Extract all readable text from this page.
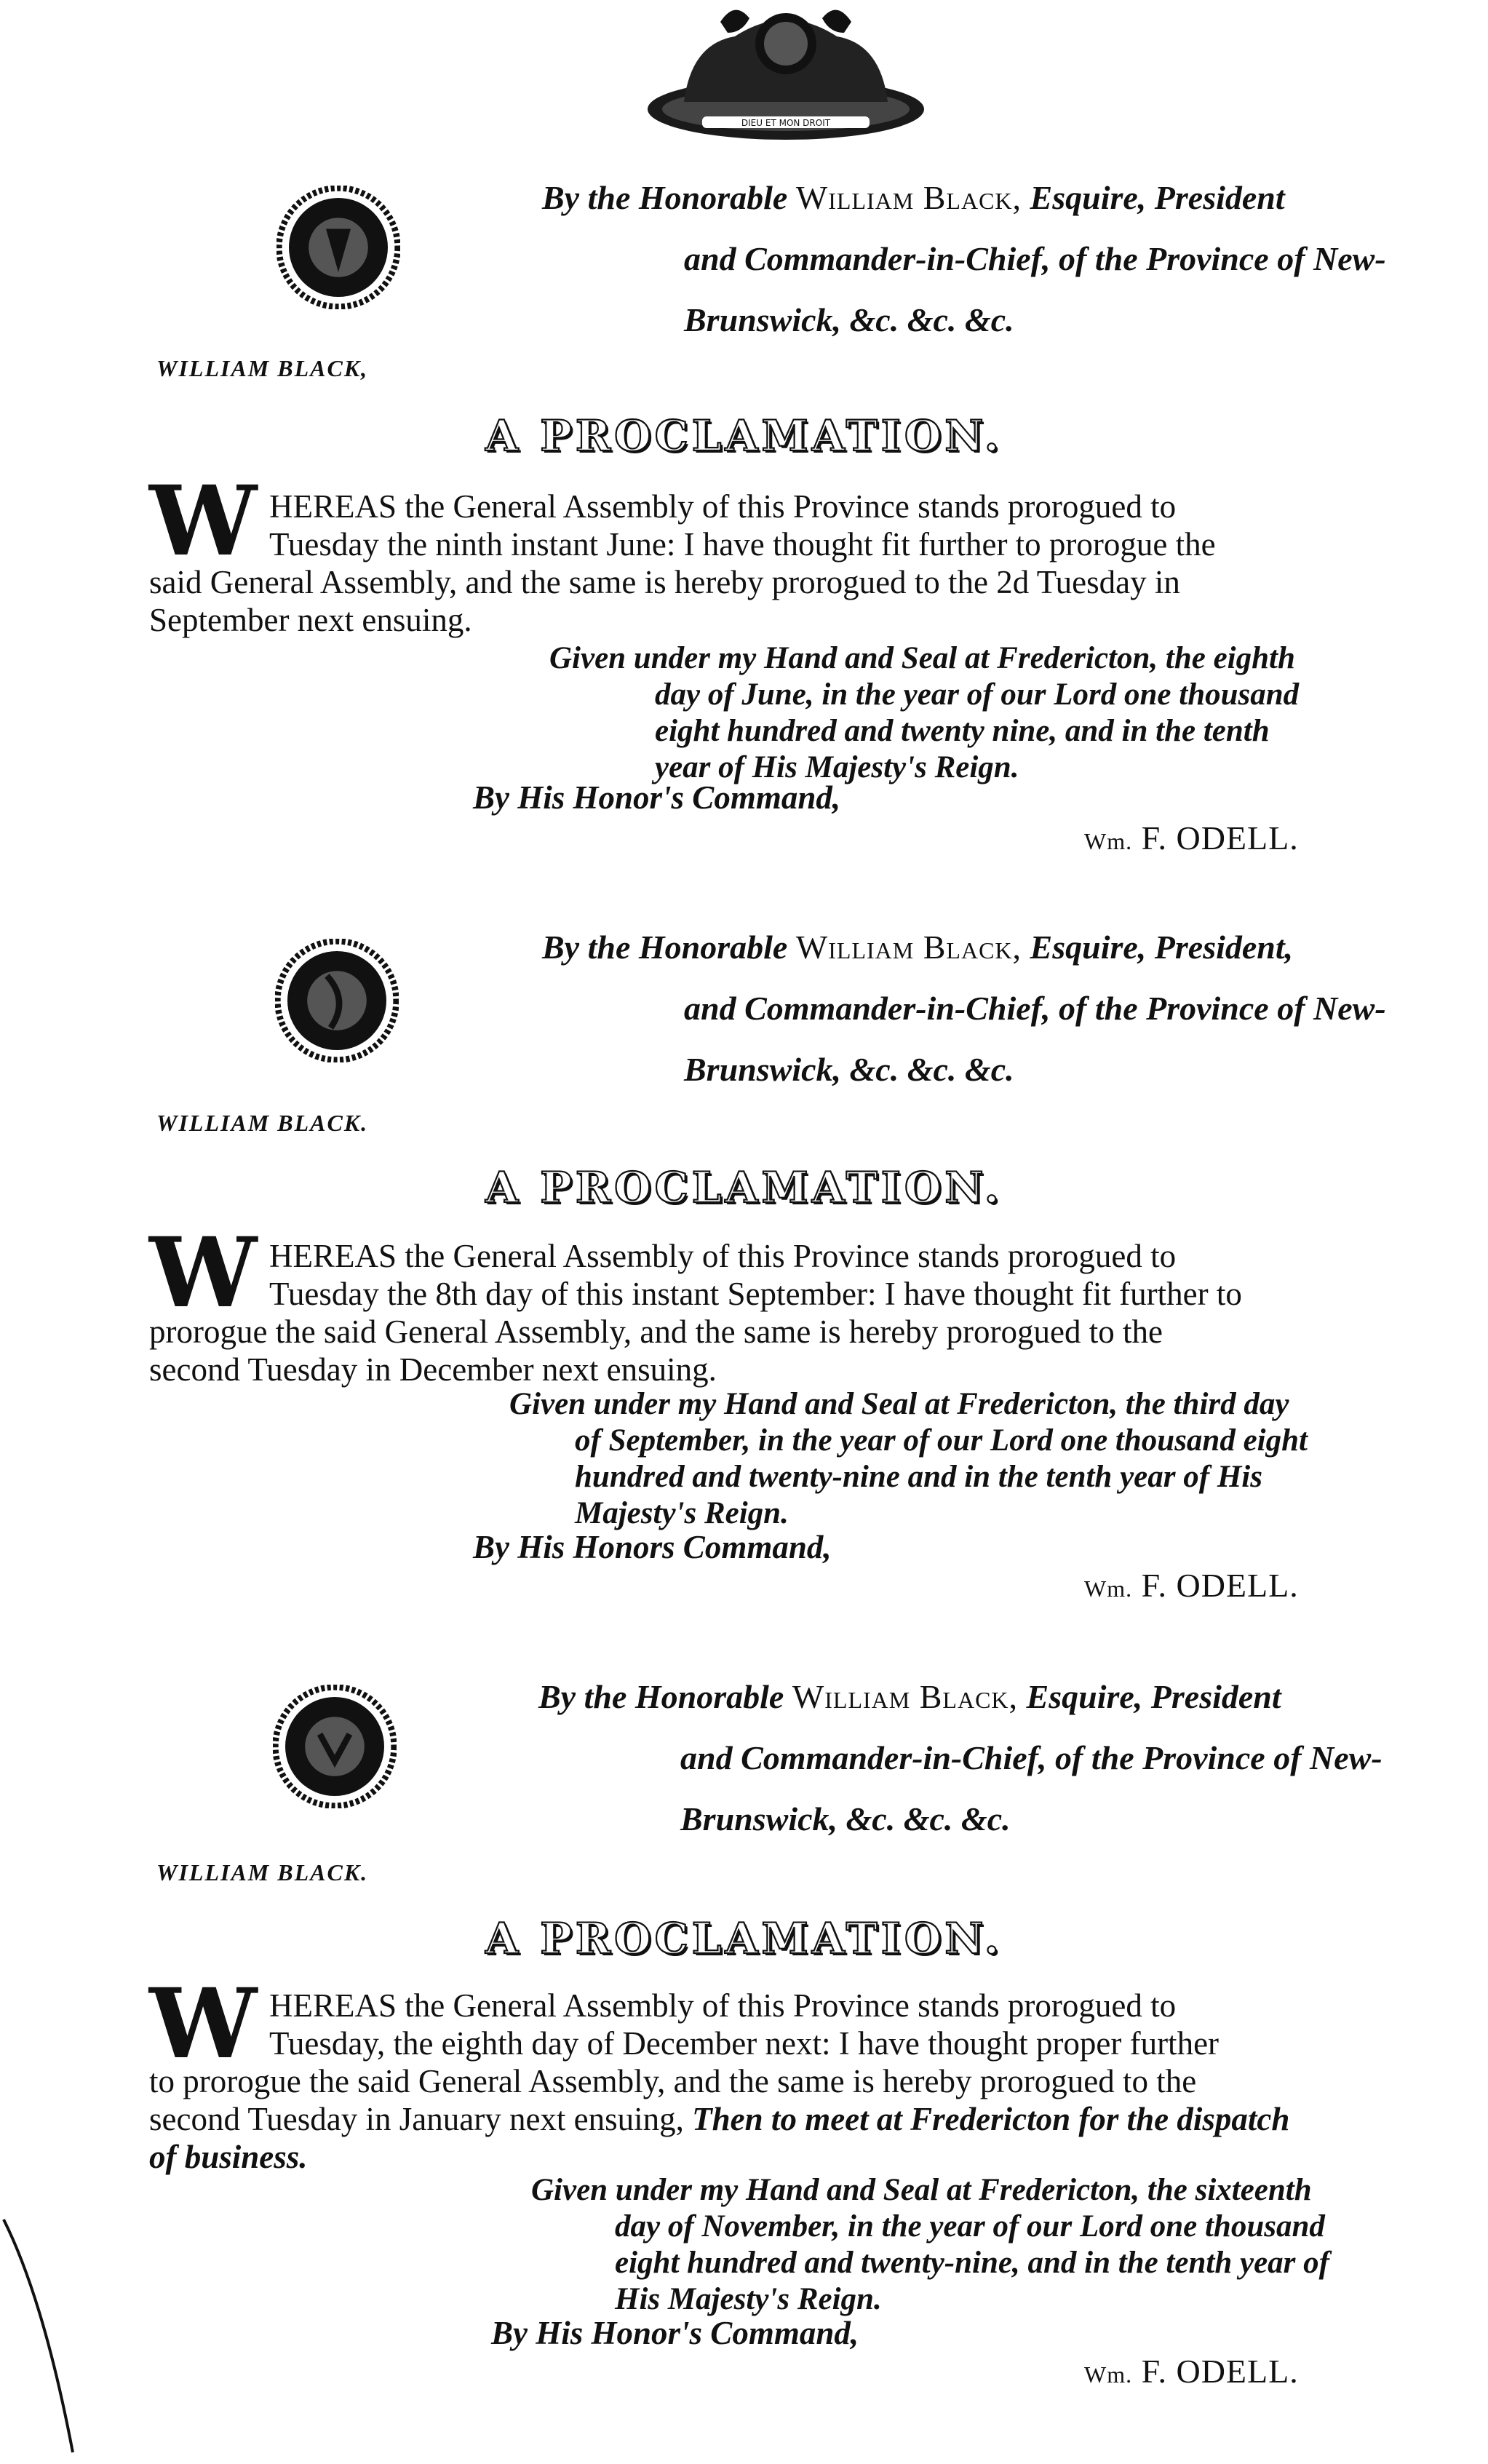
DIEU ET MON DROIT
By the Honorable William Black, Esquire, President
and Commander-in-Chief, of the Province of New-
Brunswick, &c. &c. &c.
WILLIAM BLACK,
A PROCLAMATION.
W HEREAS the General Assembly of this Province stands prorogued to
Tuesday the ninth instant June: I have thought fit further to prorogue the
said General Assembly, and the same is hereby prorogued to the 2d Tuesday in
September next ensuing.
Given under my Hand and Seal at Fredericton, the eighth
day of June, in the year of our Lord one thousand
eight hundred and twenty nine, and in the tenth
year of His Majesty's Reign.
By His Honor's Command,
Wm. F. ODELL.
By the Honorable William Black, Esquire, President,
and Commander-in-Chief, of the Province of New-
Brunswick, &c. &c. &c.
WILLIAM BLACK.
A PROCLAMATION.
W HEREAS the General Assembly of this Province stands prorogued to
Tuesday the 8th day of this instant September: I have thought fit further to
prorogue the said General Assembly, and the same is hereby prorogued to the
second Tuesday in December next ensuing.
Given under my Hand and Seal at Fredericton, the third day
of September, in the year of our Lord one thousand eight
hundred and twenty-nine and in the tenth year of His
Majesty's Reign.
By His Honors Command,
Wm. F. ODELL.
By the Honorable William Black, Esquire, President
and Commander-in-Chief, of the Province of New-
Brunswick, &c. &c. &c.
WILLIAM BLACK.
A PROCLAMATION.
W HEREAS the General Assembly of this Province stands prorogued to
Tuesday, the eighth day of December next: I have thought proper further
to prorogue the said General Assembly, and the same is hereby prorogued to the
second Tuesday in January next ensuing, Then to meet at Fredericton for the dispatch
of business.
Given under my Hand and Seal at Fredericton, the sixteenth
day of November, in the year of our Lord one thousand
eight hundred and twenty-nine, and in the tenth year of
His Majesty's Reign.
By His Honor's Command,
Wm. F. ODELL.
